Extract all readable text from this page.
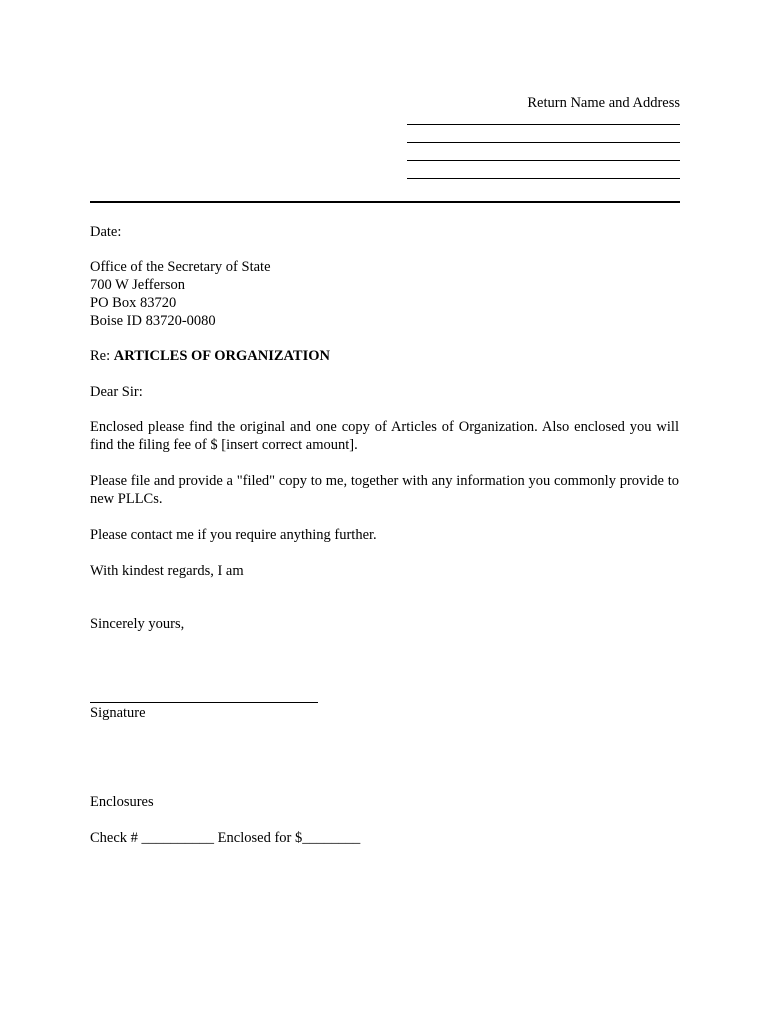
Return Name and Address
Date:
Office of the Secretary of State
700 W Jefferson
PO Box 83720
Boise ID 83720-0080
Re: ARTICLES OF ORGANIZATION
Dear Sir:
Enclosed please find the original and one copy of Articles of Organization. Also enclosed you will find the filing fee of $ [insert correct amount].
Please file and provide a "filed" copy to me, together with any information you commonly provide to new PLLCs.
Please contact me if you require anything further.
With kindest regards, I am
Sincerely yours,
Signature
Enclosures
Check # __________ Enclosed for $________
